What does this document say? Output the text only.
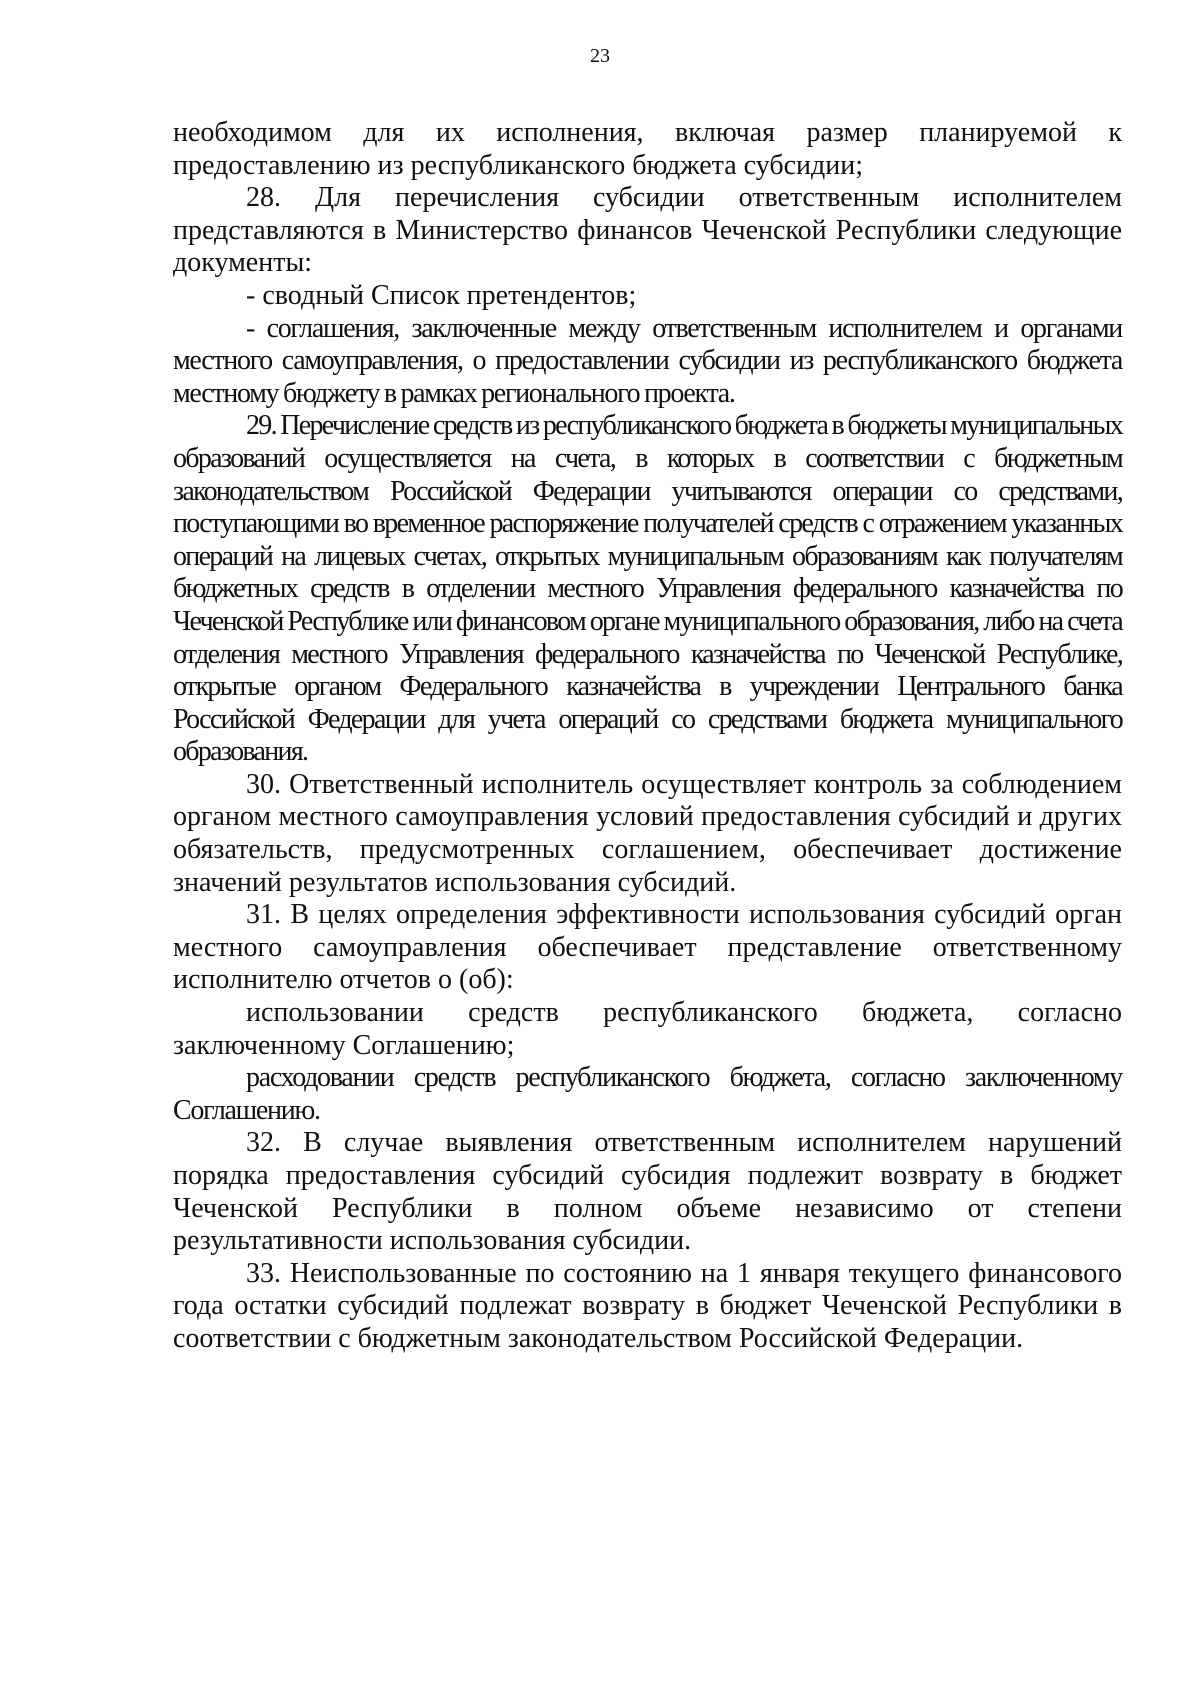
23

необходимом для их исполнения, включая размер планируемой к предоставлению из республиканского бюджета субсидии;

28. Для перечисления субсидии ответственным исполнителем представляются в Министерство финансов Чеченской Республики следующие документы:

- сводный Список претендентов;

- соглашения, заключенные между ответственным исполнителем и органами местного самоуправления, о предоставлении субсидии из республиканского бюджета местному бюджету в рамках регионального проекта.

29. Перечисление средств из республиканского бюджета в бюджеты муниципальных образований осуществляется на счета, в которых в соответствии с бюджетным законодательством Российской Федерации учитываются операции со средствами, поступающими во временное распоряжение получателей средств с отражением указанных операций на лицевых счетах, открытых муниципальным образованиям как получателям бюджетных средств в отделении местного Управления федерального казначейства по Чеченской Республике или финансовом органе муниципального образования, либо на счета отделения местного Управления федерального казначейства по Чеченской Республике, открытые органом Федерального казначейства в учреждении Центрального банка Российской Федерации для учета операций со средствами бюджета муниципального образования.

30. Ответственный исполнитель осуществляет контроль за соблюдением органом местного самоуправления условий предоставления субсидий и других обязательств, предусмотренных соглашением, обеспечивает достижение значений результатов использования субсидий.

31. В целях определения эффективности использования субсидий орган местного самоуправления обеспечивает представление ответственному исполнителю отчетов о (об):

использовании средств республиканского бюджета, согласно заключенному Соглашению;

расходовании средств республиканского бюджета, согласно заключенному Соглашению.

32. В случае выявления ответственным исполнителем нарушений порядка предоставления субсидий субсидия подлежит возврату в бюджет Чеченской Республики в полном объеме независимо от степени результативности использования субсидии.

33. Неиспользованные по состоянию на 1 января текущего финансового года остатки субсидий подлежат возврату в бюджет Чеченской Республики в соответствии с бюджетным законодательством Российской Федерации.
